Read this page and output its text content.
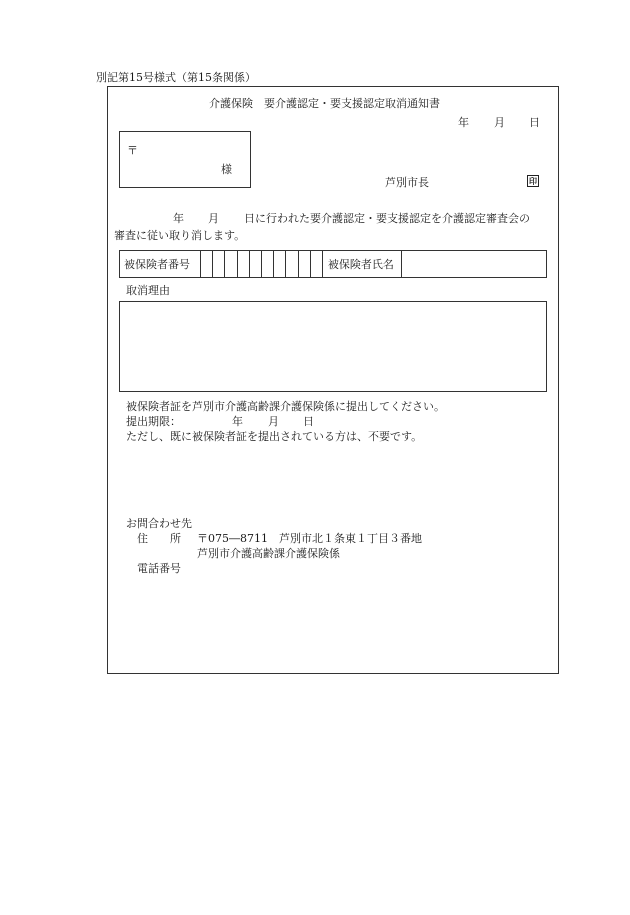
別記第15号様式（第15条関係）
介護保険　要介護認定・要支援認定取消通知書
年 月 日
〒
様
芦別市長	印
年 月 日に行われた要介護認定・要支援認定を介護認定審査会の
審査に従い取り消します。
被保険者番号	被保険者氏名
取消理由
被保険者証を芦別市介護高齢課介護保険係に提出してください。
提出期限：	年 月 日
ただし、既に被保険者証を提出されている方は、不要です。
お問合わせ先
住　　所 〒075―8711　芦別市北１条東１丁目３番地
芦別市介護高齢課介護保険係
電話番号
